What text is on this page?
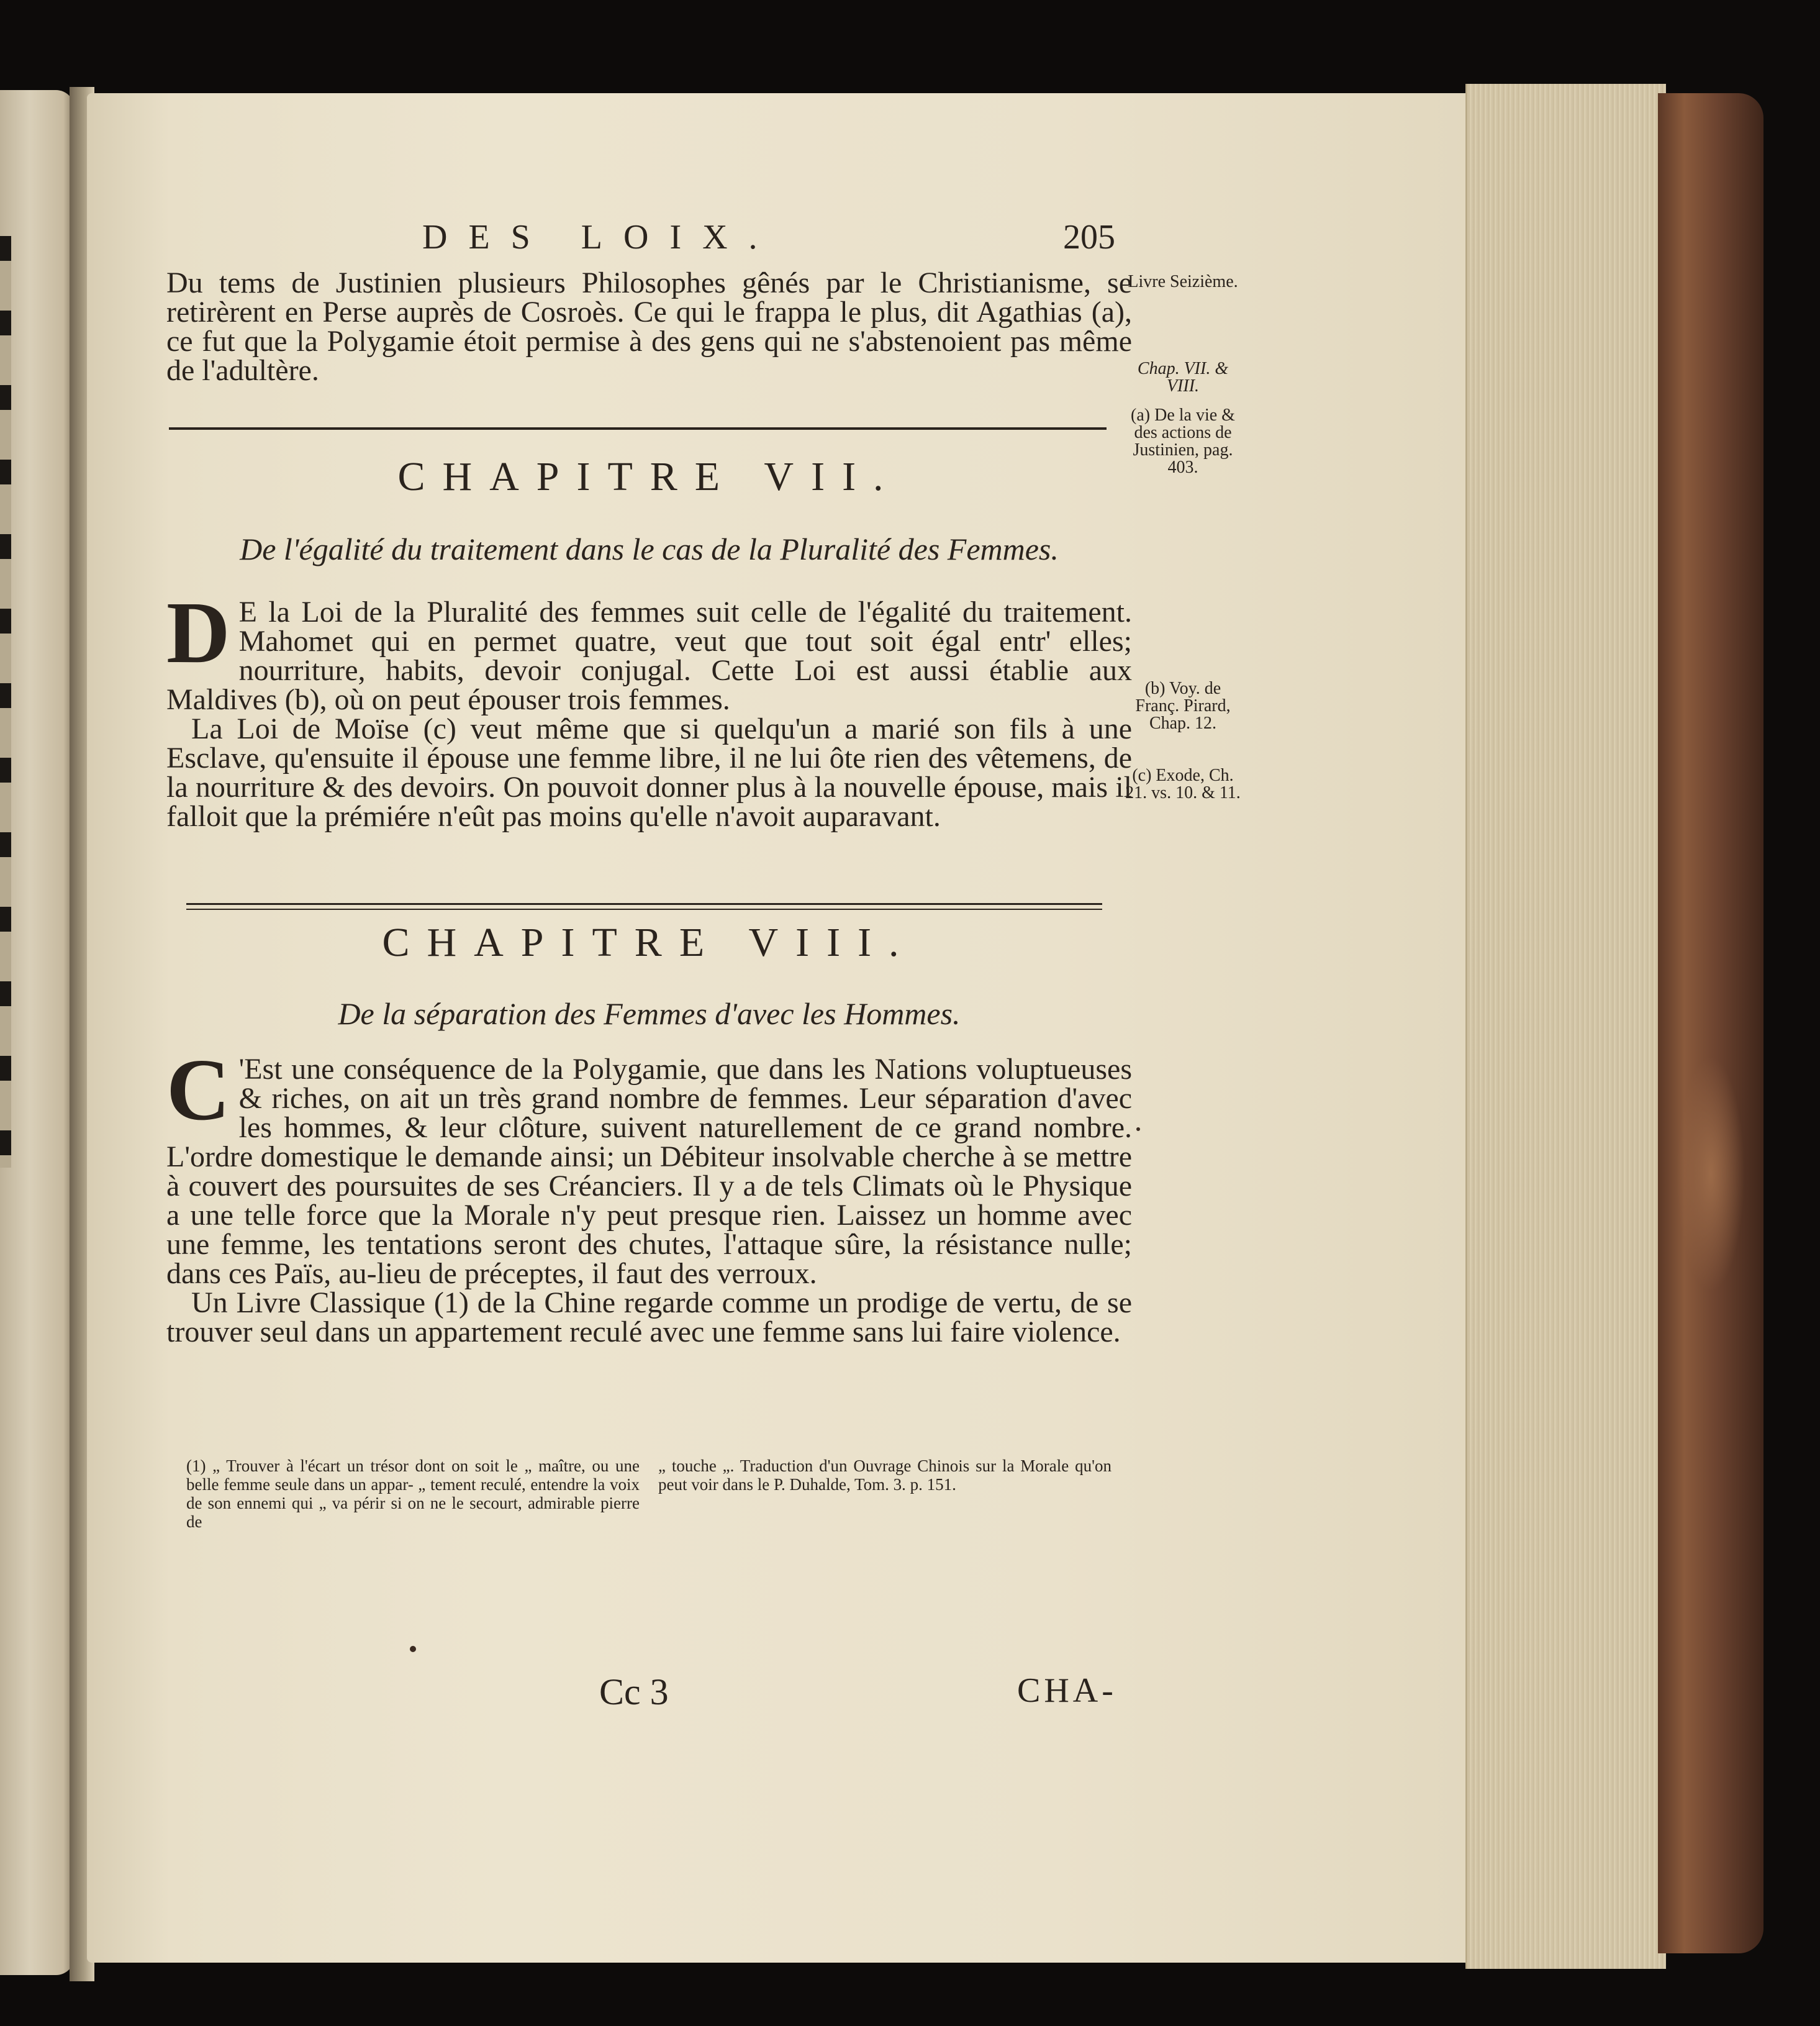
DES LOIX.	205
Livre Seizième.
Chap. VII. & VIII.
(a) De la vie & des actions de Justinien, pag. 403.
(b) Voy. de Franç. Pirard, Chap. 12.
(c) Exode, Ch. 21. vs. 10. & 11.
Du tems de Justinien plusieurs Philosophes gênés par le Christianisme, se retirèrent en Perse auprès de Cosroès. Ce qui le frappa le plus, dit Agathias (a), ce fut que la Polygamie étoit permise à des gens qui ne s'abstenoient pas même de l'adultère.
CHAPITRE VII.
De l'égalité du traitement dans le cas de la Pluralité des Femmes.
D E la Loi de la Pluralité des femmes suit celle de l'égalité du traitement. Mahomet qui en permet quatre, veut que tout soit égal entr' elles; nourriture, habits, devoir conjugal. Cette Loi est aussi établie aux Maldives (b), où on peut épouser trois femmes.
La Loi de Moïse (c) veut même que si quelqu'un a marié son fils à une Esclave, qu'ensuite il épouse une femme libre, il ne lui ôte rien des vêtemens, de la nourriture & des devoirs. On pouvoit donner plus à la nouvelle épouse, mais il falloit que la prémiére n'eût pas moins qu'elle n'avoit auparavant.
CHAPITRE VIII.
De la séparation des Femmes d'avec les Hommes.
C 'Est une conséquence de la Polygamie, que dans les Nations voluptueuses & riches, on ait un très grand nombre de femmes. Leur séparation d'avec les hommes, & leur clôture, suivent naturellement de ce grand nombre. L'ordre domestique le demande ainsi; un Débiteur insolvable cherche à se mettre à couvert des poursuites de ses Créanciers. Il y a de tels Climats où le Physique a une telle force que la Morale n'y peut presque rien. Laissez un homme avec une femme, les tentations seront des chutes, l'attaque sûre, la résistance nulle; dans ces Païs, au-lieu de préceptes, il faut des verroux.
Un Livre Classique (1) de la Chine regarde comme un prodige de vertu, de se trouver seul dans un appartement reculé avec une femme sans lui faire violence.
(1) „ Trouver à l'écart un trésor dont on soit le „ maître, ou une belle femme seule dans un appar- „ tement reculé, entendre la voix de son ennemi qui „ va périr si on ne le secourt, admirable pierre de
„ touche „. Traduction d'un Ouvrage Chinois sur la Morale qu'on peut voir dans le P. Duhalde, Tom. 3. p. 151.
Cc 3	CHA-
